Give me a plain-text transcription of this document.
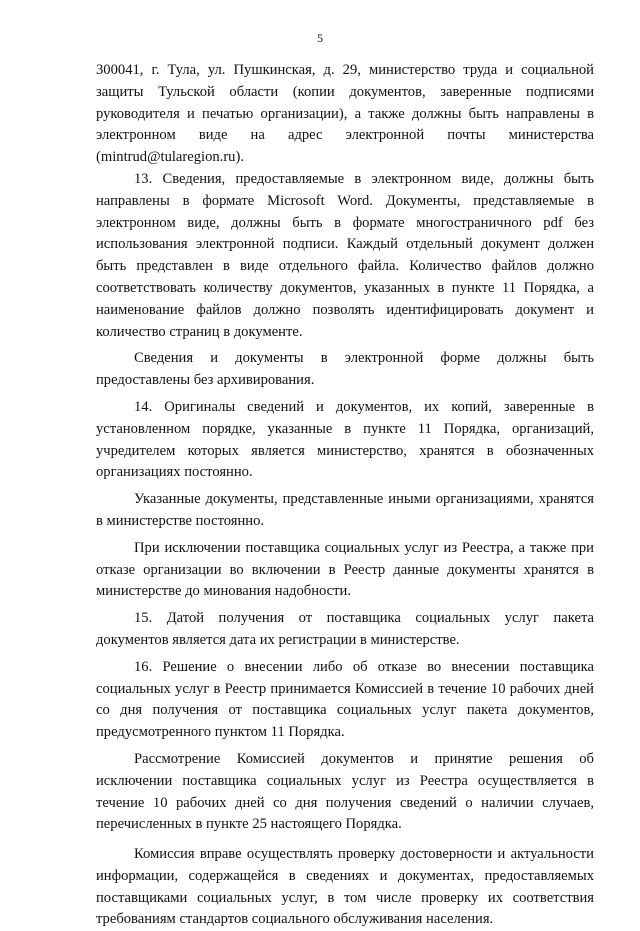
5

300041, г. Тула, ул. Пушкинская, д. 29, министерство труда и социальной защиты Тульской области (копии документов, заверенные подписями руководителя и печатью организации), а также должны быть направлены в электронном виде на адрес электронной почты министерства (mintrud@tularegion.ru).

13. Сведения, предоставляемые в электронном виде, должны быть направлены в формате Microsoft Word. Документы, представляемые в электронном виде, должны быть в формате многостраничного pdf без использования электронной подписи. Каждый отдельный документ должен быть представлен в виде отдельного файла. Количество файлов должно соответствовать количеству документов, указанных в пункте 11 Порядка, а наименование файлов должно позволять идентифицировать документ и количество страниц в документе.

Сведения и документы в электронной форме должны быть предоставлены без архивирования.

14. Оригиналы сведений и документов, их копий, заверенные в установленном порядке, указанные в пункте 11 Порядка, организаций, учредителем которых является министерство, хранятся в обозначенных организациях постоянно.

Указанные документы, представленные иными организациями, хранятся в министерстве постоянно.

При исключении поставщика социальных услуг из Реестра, а также при отказе организации во включении в Реестр данные документы хранятся в министерстве до минования надобности.

15. Датой получения от поставщика социальных услуг пакета документов является дата их регистрации в министерстве.

16. Решение о внесении либо об отказе во внесении поставщика социальных услуг в Реестр принимается Комиссией в течение 10 рабочих дней со дня получения от поставщика социальных услуг пакета документов, предусмотренного пунктом 11 Порядка.

Рассмотрение Комиссией документов и принятие решения об исключении поставщика социальных услуг из Реестра осуществляется в течение 10 рабочих дней со дня получения сведений о наличии случаев, перечисленных в пункте 25 настоящего Порядка.

Комиссия вправе осуществлять проверку достоверности и актуальности информации, содержащейся в сведениях и документах, предоставляемых поставщиками социальных услуг, в том числе проверку их соответствия требованиям стандартов социального обслуживания населения.
